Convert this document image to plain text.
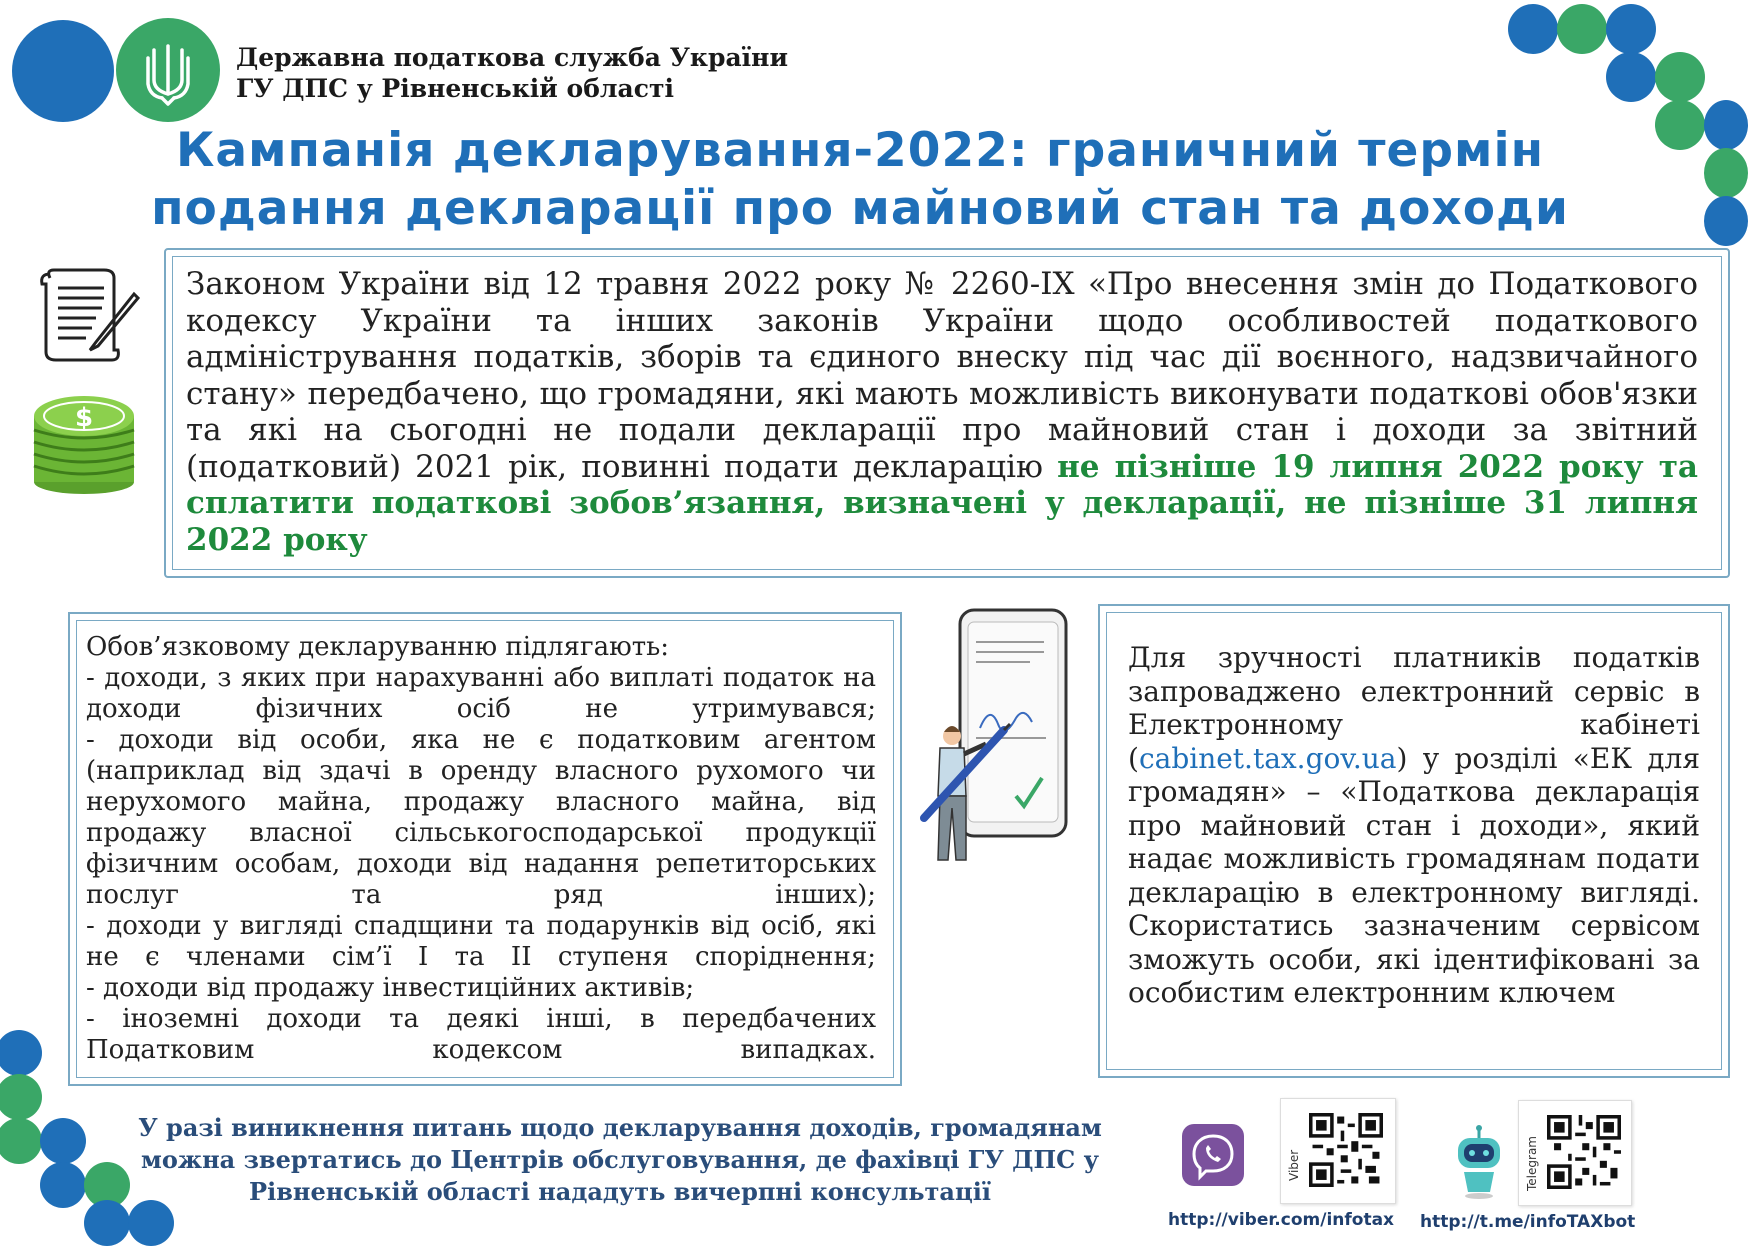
Державна податкова служба України
ГУ ДПС у Рівненській області
Кампанія декларування-2022: граничний термін
подання декларації про майновий стан та доходи
$
Законом України від 12 травня 2022 року № 2260-IX «Про внесення змін до Податкового кодексу України та інших законів України щодо особливостей податкового адміністрування податків, зборів та єдиного внеску під час дії воєнного, надзвичайного стану» передбачено, що громадяни, які мають можливість виконувати податкові обов'язки та які на сьогодні не подали декларації про майновий стан і доходи за звітний (податковий) 2021 рік, повинні подати декларацію не пізніше 19 липня 2022 року та сплатити податкові зобов’язання, визначені у декларації, не пізніше 31 липня 2022 року

Обов’язковому декларуванню підлягають:

- доходи, з яких при нарахуванні або виплаті податок на доходи фізичних осіб не утримувався;

- доходи від особи, яка не є податковим агентом (наприклад від здачі в оренду власного рухомого чи нерухомого майна, продажу власного майна, від продажу власної сільськогосподарської продукції фізичним особам, доходи від надання репетиторських послуг та ряд інших);

- доходи у вигляді спадщини та подарунків від осіб, які не є членами сім’ї І та ІІ ступеня споріднення;

- доходи від продажу інвестиційних активів;

- іноземні доходи та деякі інші, в передбачених Податковим кодексом випадках.

Для зручності платників податків запроваджено електронний сервіс в Електронному кабінеті (cabinet.tax.gov.ua) у розділі «ЕК для громадян» – «Податкова декларація про майновий стан і доходи», який надає можливість громадянам подати декларацію в електронному вигляді. Скористатись зазначеним сервісом зможуть особи, які ідентифіковані за особистим електронним ключем
У разі виникнення питань щодо декларування доходів, громадянам можна звертатись до Центрів обслуговування, де фахівці ГУ ДПС у Рівненській області нададуть вичерпні консультації
Viber
http://viber.com/infotax
Telegram
http://t.me/infoTAXbot
